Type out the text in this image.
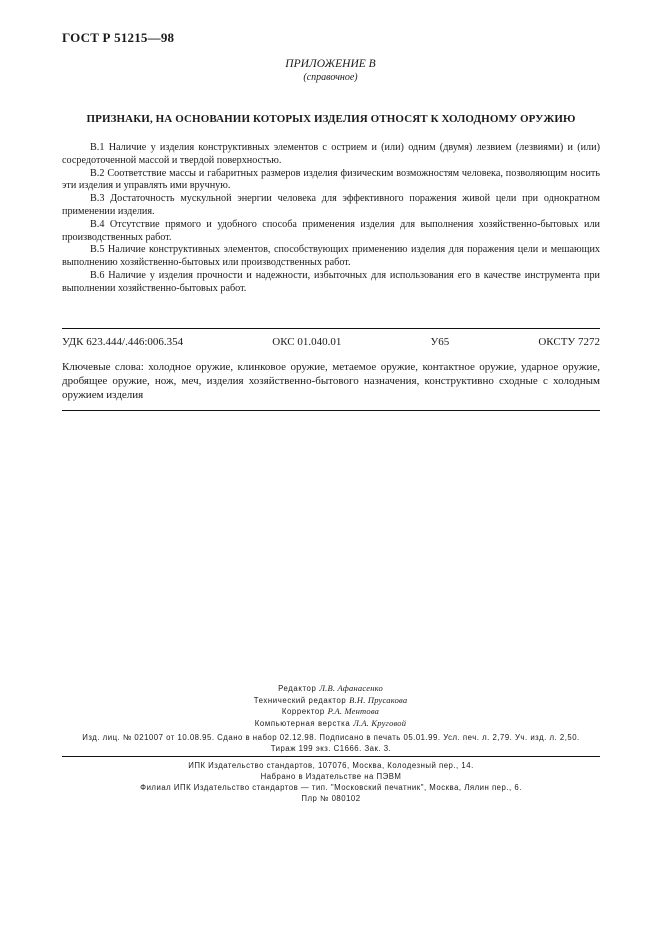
ГОСТ Р 51215—98
ПРИЛОЖЕНИЕ В
(справочное)
ПРИЗНАКИ, НА ОСНОВАНИИ КОТОРЫХ ИЗДЕЛИЯ ОТНОСЯТ К ХОЛОДНОМУ ОРУЖИЮ

В.1 Наличие у изделия конструктивных элементов с острием и (или) одним (двумя) лезвием (лезвиями) и (или) сосредоточенной массой и твердой поверхностью.

В.2 Соответствие массы и габаритных размеров изделия физическим возможностям человека, позволяющим носить эти изделия и управлять ими вручную.

В.3 Достаточность мускульной энергии человека для эффективного поражения живой цели при однократном применении изделия.

В.4 Отсутствие прямого и удобного способа применения изделия для выполнения хозяйственно-бытовых или производственных работ.

В.5 Наличие конструктивных элементов, способствующих применению изделия для поражения цели и мешающих выполнению хозяйственно-бытовых или производственных работ.

В.6 Наличие у изделия прочности и надежности, избыточных для использования его в качестве инструмента при выполнении хозяйственно-бытовых работ.

УДК 623.444/.446:006.354	ОКС 01.040.01	У65	ОКСТУ 7272
Ключевые слова: холодное оружие, клинковое оружие, метаемое оружие, контактное оружие, ударное оружие, дробящее оружие, нож, меч, изделия хозяйственно-бытового назначения, конструктивно сходные с холодным оружием изделия
Редактор Л.В. Афанасенко
Технический редактор В.Н. Прусакова
Корректор Р.А. Ментова
Компьютерная верстка Л.А. Круговой
Изд. лиц. № 021007 от 10.08.95. Сдано в набор 02.12.98. Подписано в печать 05.01.99. Усл. печ. л. 2,79. Уч. изд. л. 2,50.
Тираж 199 экз. С1666. Зак. 3.
ИПК Издательство стандартов, 107076, Москва, Колодезный пер., 14.
Набрано в Издательстве на ПЭВМ
Филиал ИПК Издательство стандартов — тип. "Московский печатник", Москва, Лялин пер., 6.
Плр № 080102
